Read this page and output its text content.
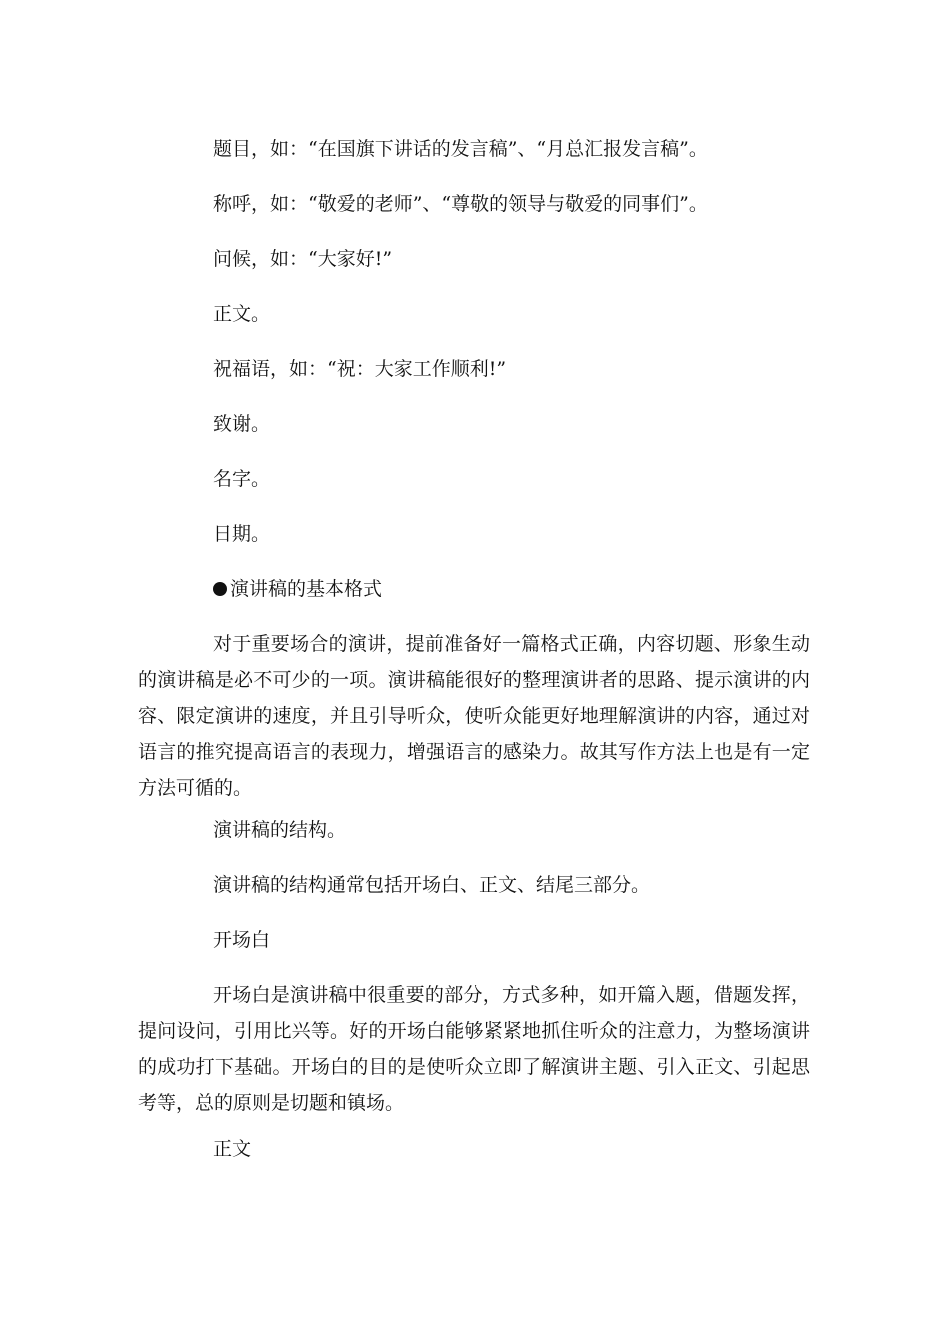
题目，如：“在国旗下讲话的发言稿”、“月总汇报发言稿”。
称呼，如：“敬爱的老师”、“尊敬的领导与敬爱的同事们”。
问候，如：“大家好!”
正文。
祝福语，如：“祝：大家工作顺利!”
致谢。
名字。
日期。
演讲稿的基本格式

对于重要场合的演讲，提前准备好一篇格式正确，内容切题、形象生动的演讲稿是必不可少的一项。演讲稿能很好的整理演讲者的思路、提示演讲的内容、限定演讲的速度，并且引导听众，使听众能更好地理解演讲的内容，通过对语言的推究提高语言的表现力，增强语言的感染力。故其写作方法上也是有一定方法可循的。

演讲稿的结构。
演讲稿的结构通常包括开场白、正文、结尾三部分。
开场白

开场白是演讲稿中很重要的部分，方式多种，如开篇入题，借题发挥，提问设问，引用比兴等。好的开场白能够紧紧地抓住听众的注意力，为整场演讲的成功打下基础。开场白的目的是使听众立即了解演讲主题、引入正文、引起思考等，总的原则是切题和镇场。

正文
